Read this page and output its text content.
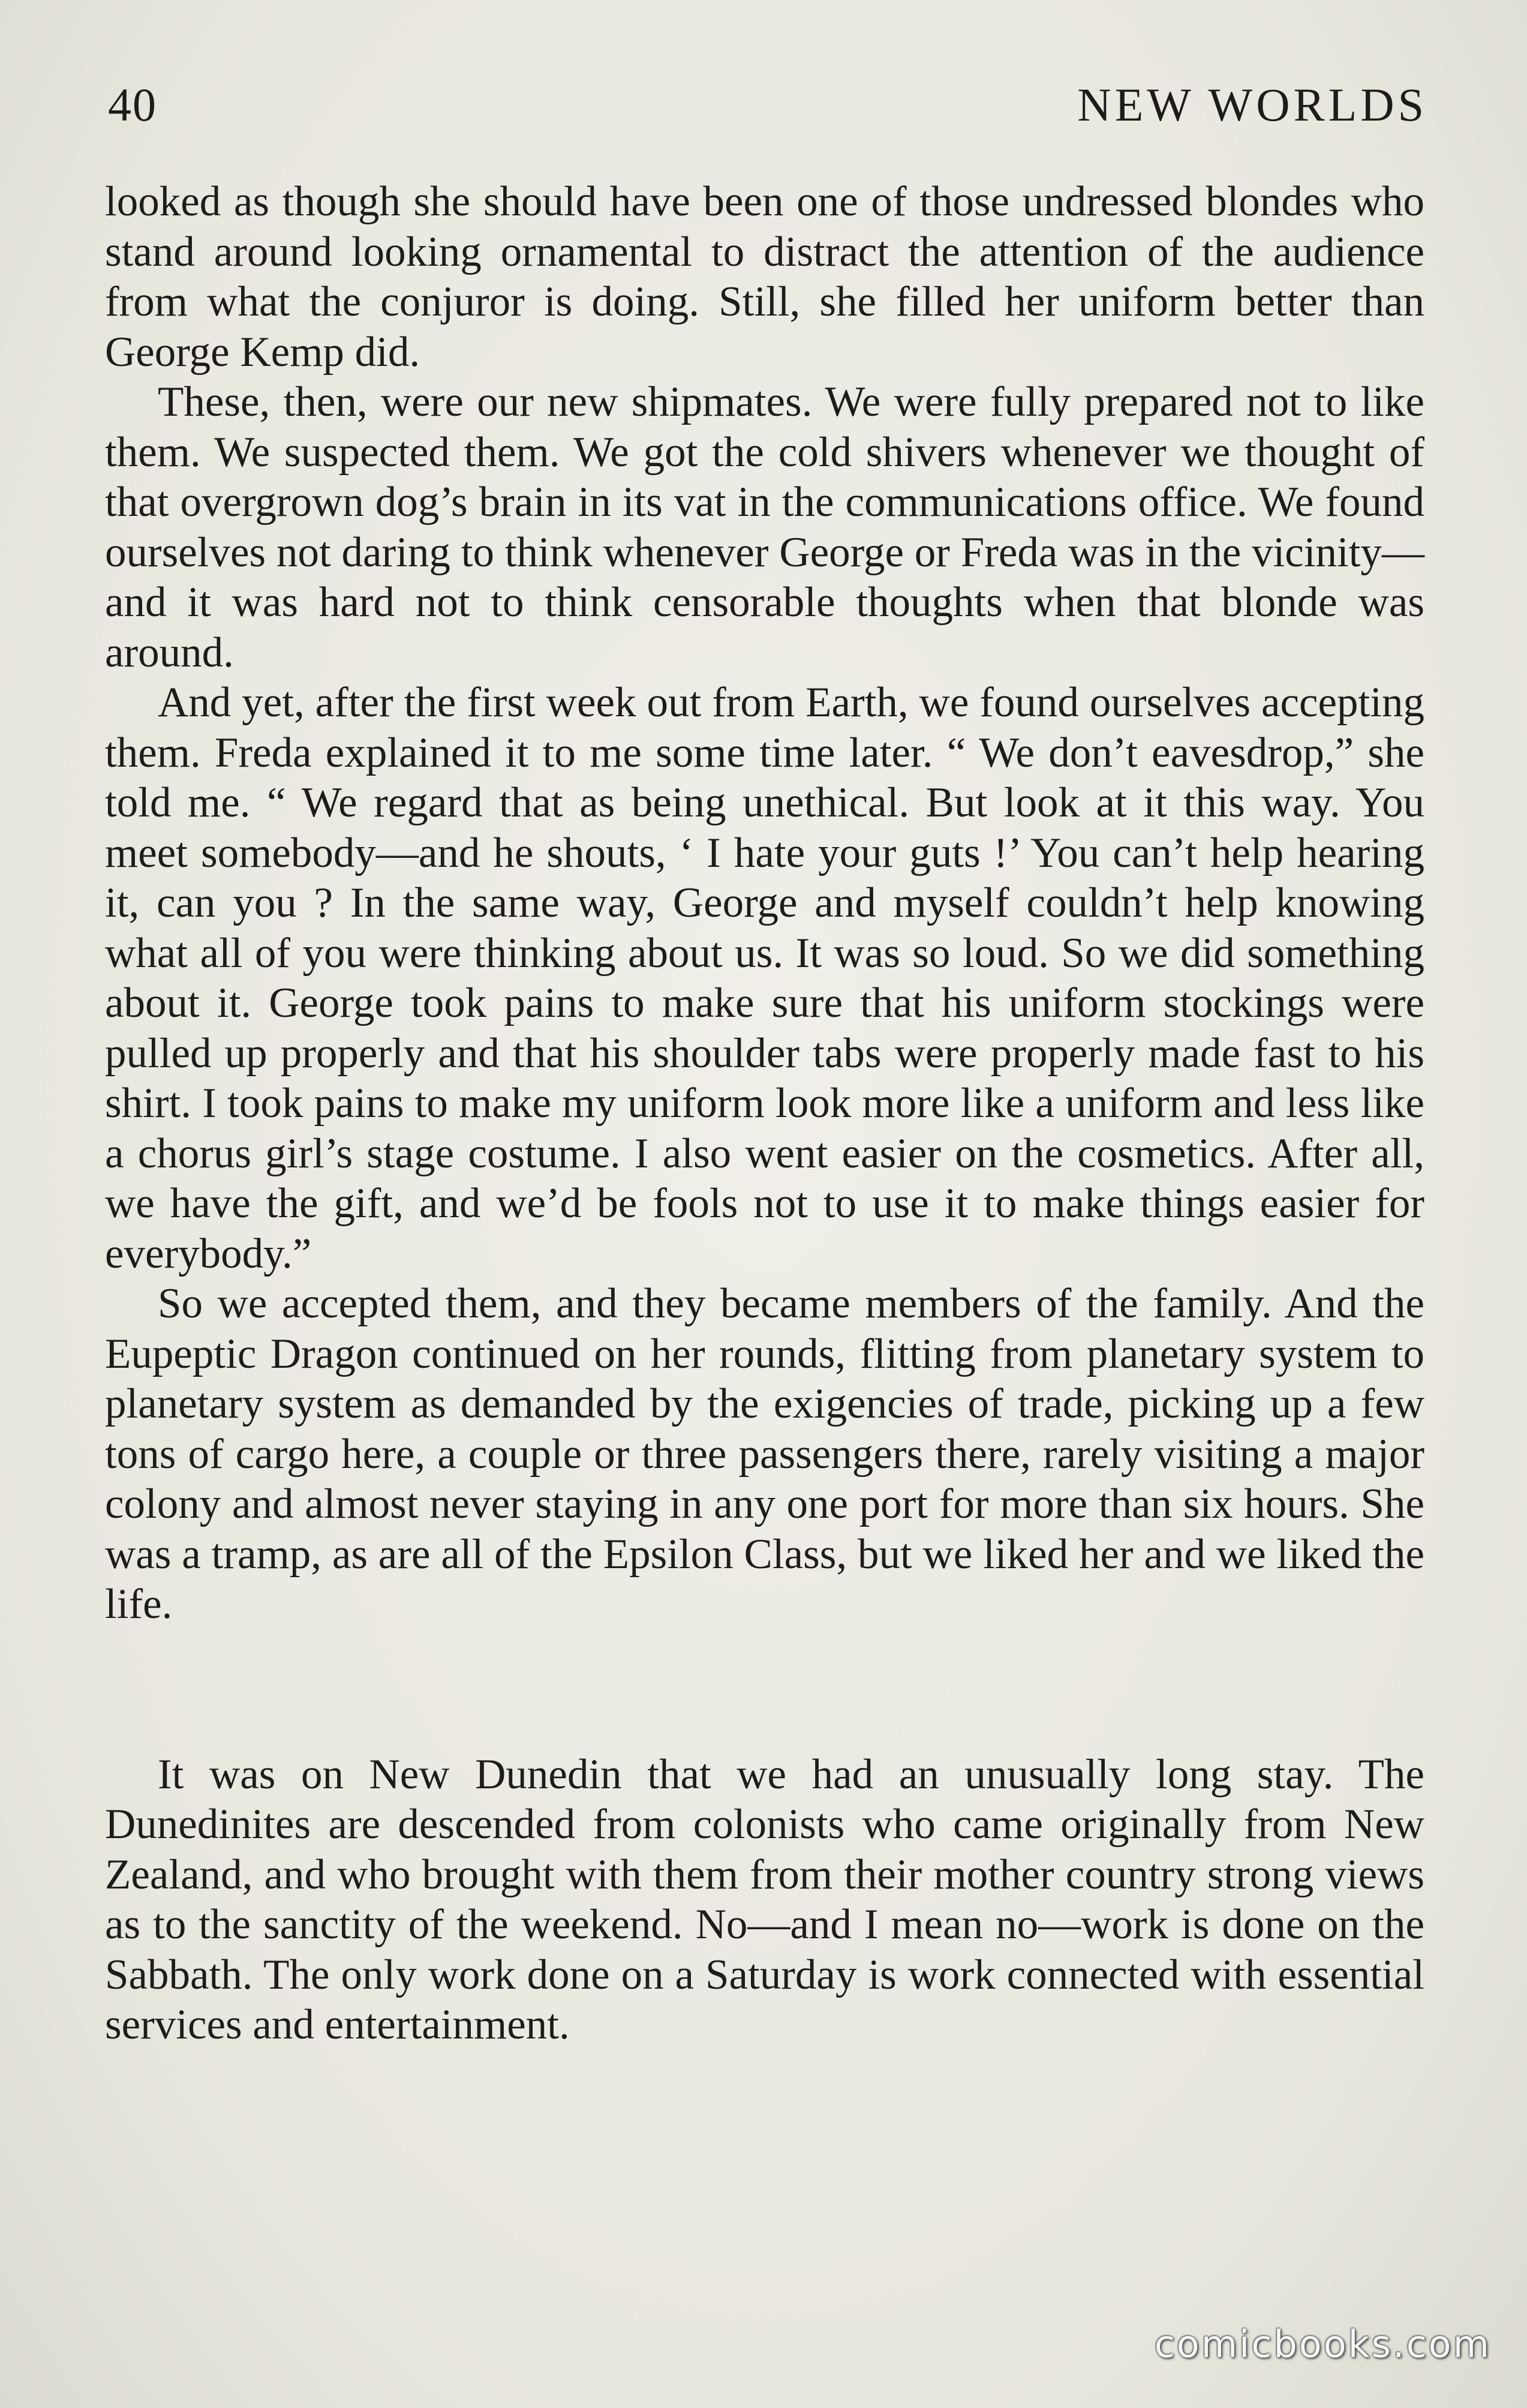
40	NEW WORLDS

looked as though she should have been one of those undressed blondes who stand around looking ornamental to distract the attention of the audience from what the conjuror is doing. Still, she filled her uniform better than George Kemp did.

These, then, were our new shipmates. We were fully prepared not to like them. We suspected them. We got the cold shivers whenever we thought of that overgrown dog’s brain in its vat in the communications office. We found ourselves not daring to think whenever George or Freda was in the vicinity—and it was hard not to think censorable thoughts when that blonde was around.

And yet, after the first week out from Earth, we found ourselves accepting them. Freda explained it to me some time later. “ We don’t eavesdrop,” she told me. “ We regard that as being unethical. But look at it this way. You meet somebody—and he shouts, ‘ I hate your guts !’ You can’t help hearing it, can you ? In the same way, George and myself couldn’t help knowing what all of you were thinking about us. It was so loud. So we did something about it. George took pains to make sure that his uniform stockings were pulled up properly and that his shoulder tabs were properly made fast to his shirt. I took pains to make my uniform look more like a uniform and less like a chorus girl’s stage costume. I also went easier on the cosmetics. After all, we have the gift, and we’d be fools not to use it to make things easier for everybody.”

So we accepted them, and they became members of the family. And the Eupeptic Dragon continued on her rounds, flitting from planetary system to planetary system as demanded by the exigencies of trade, picking up a few tons of cargo here, a couple or three passengers there, rarely visiting a major colony and almost never staying in any one port for more than six hours. She was a tramp, as are all of the Epsilon Class, but we liked her and we liked the life.

It was on New Dunedin that we had an unusually long stay. The Dunedinites are descended from colonists who came originally from New Zealand, and who brought with them from their mother country strong views as to the sanctity of the weekend. No—and I mean no—work is done on the Sabbath. The only work done on a Saturday is work connected with essential services and entertainment.

comicbooks.com
